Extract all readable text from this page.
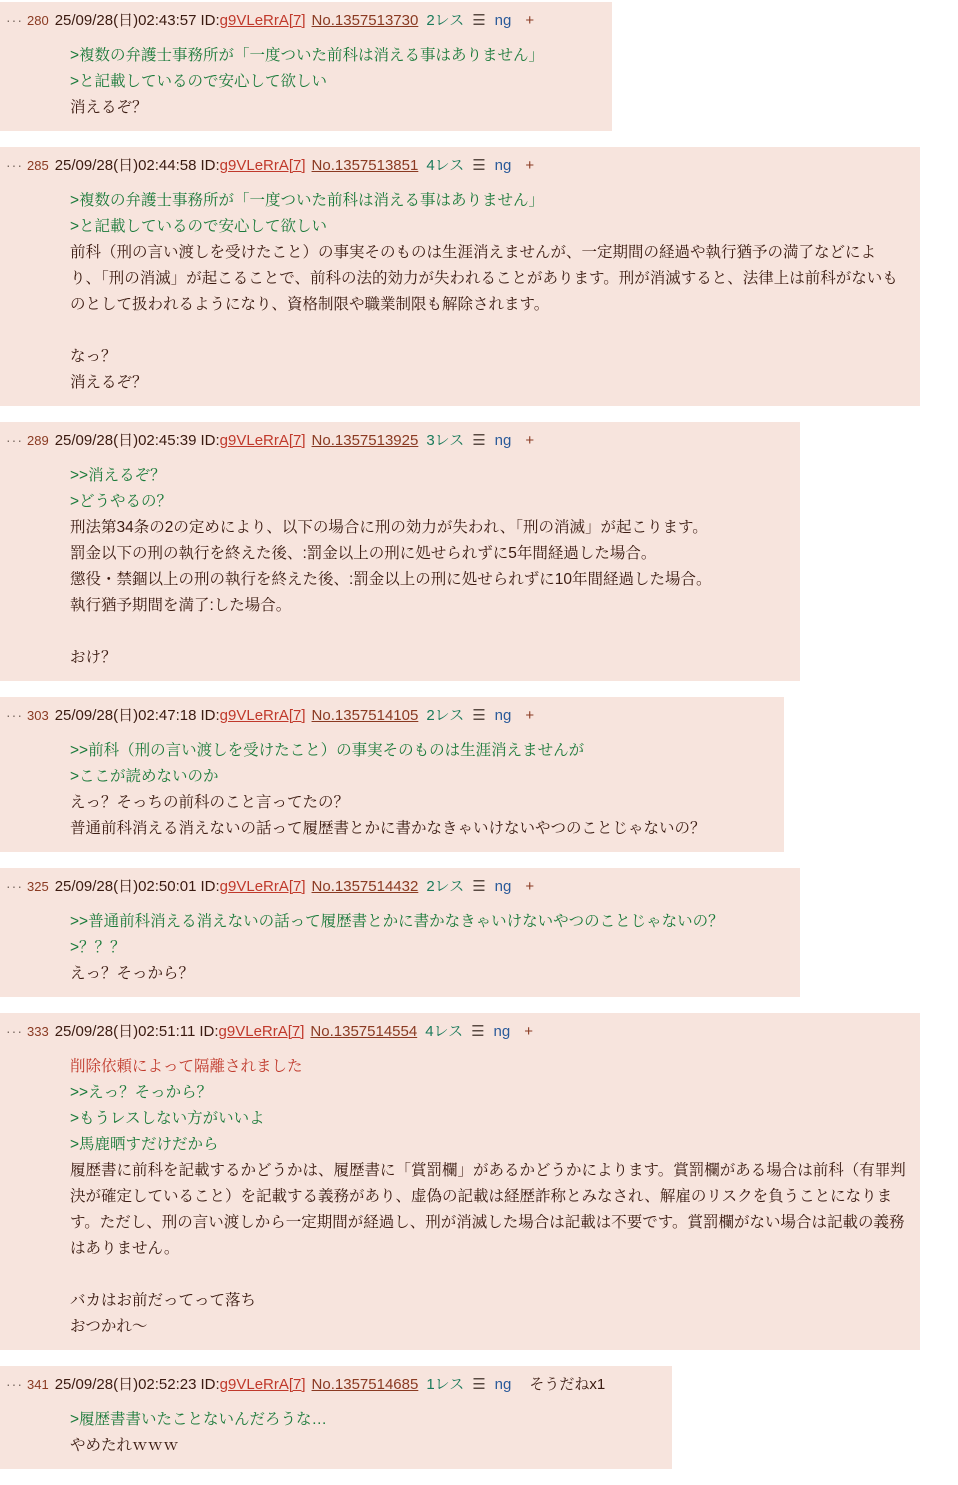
··· 280 25/09/28(日)02:43:57 ID:g9VLeRrA[7] No.1357513730 2レス ☰ ng +
>複数の弁護士事務所が「一度ついた前科は消える事はありません」
>と記載しているので安心して欲しい
消えるぞ？

··· 285 25/09/28(日)02:44:58 ID:g9VLeRrA[7] No.1357513851 4レス ☰ ng +
>複数の弁護士事務所が「一度ついた前科は消える事はありません」
>と記載しているので安心して欲しい
前科（刑の言い渡しを受けたこと）の事実そのものは生涯消えませんが、一定期間の経過や執行猶予の満了などにより、「刑の消滅」が起こることで、前科の法的効力が失われることがあります。刑が消滅すると、法律上は前科がないものとして扱われるようになり、資格制限や職業制限も解除されます。
なっ？
消えるぞ？

··· 289 25/09/28(日)02:45:39 ID:g9VLeRrA[7] No.1357513925 3レス ☰ ng +
>>消えるぞ？
>どうやるの？
刑法第34条の2の定めにより、以下の場合に刑の効力が失われ、「刑の消滅」が起こります。
罰金以下の刑の執行を終えた後、:罰金以上の刑に処せられずに5年間経過した場合。
懲役・禁錮以上の刑の執行を終えた後、:罰金以上の刑に処せられずに10年間経過した場合。
執行猶予期間を満了:した場合。
おけ？

··· 303 25/09/28(日)02:47:18 ID:g9VLeRrA[7] No.1357514105 2レス ☰ ng +
>>前科（刑の言い渡しを受けたこと）の事実そのものは生涯消えませんが
>ここが読めないのか
えっ？そっちの前科のこと言ってたの？
普通前科消える消えないの話って履歴書とかに書かなきゃいけないやつのことじゃないの？

··· 325 25/09/28(日)02:50:01 ID:g9VLeRrA[7] No.1357514432 2レス ☰ ng +
>>普通前科消える消えないの話って履歴書とかに書かなきゃいけないやつのことじゃないの？
>？？？
えっ？そっから？

··· 333 25/09/28(日)02:51:11 ID:g9VLeRrA[7] No.1357514554 4レス ☰ ng +
削除依頼によって隔離されました
>>えっ？そっから？
>もうレスしない方がいいよ
>馬鹿晒すだけだから
履歴書に前科を記載するかどうかは、履歴書に「賞罰欄」があるかどうかによります。賞罰欄がある場合は前科（有罪判決が確定していること）を記載する義務があり、虚偽の記載は経歴詐称とみなされ、解雇のリスクを負うことになります。ただし、刑の言い渡しから一定期間が経過し、刑が消滅した場合は記載は不要です。賞罰欄がない場合は記載の義務はありません。
バカはお前だってって落ち
おつかれ〜

··· 341 25/09/28(日)02:52:23 ID:g9VLeRrA[7] No.1357514685 1レス ☰ ng そうだねx1
>履歴書書いたことないんだろうな…
やめたれｗｗｗ
